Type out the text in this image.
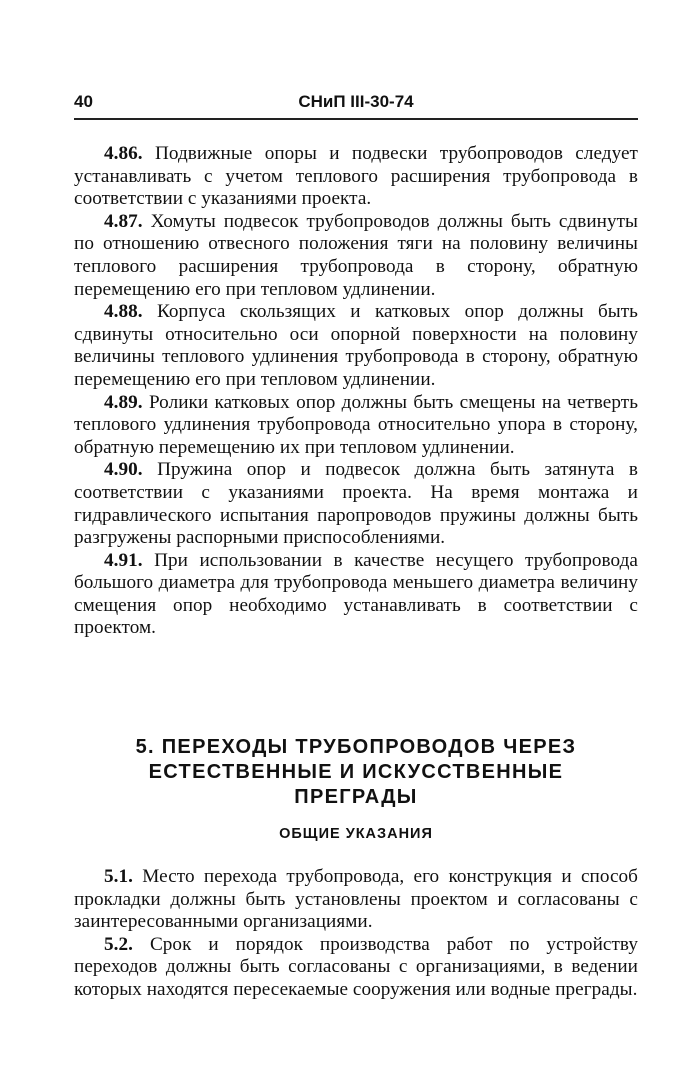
40	СНиП III-30-74

4.86. Подвижные опоры и подвески трубопроводов следует устанавливать с учетом теплового расширения трубопровода в соответствии с указаниями проекта.

4.87. Хомуты подвесок трубопроводов должны быть сдвинуты по отношению отвесного положения тяги на половину величины теплового расширения трубопровода в сторону, обратную перемещению его при тепловом удлинении.

4.88. Корпуса скользящих и катковых опор должны быть сдвинуты относительно оси опорной поверхности на половину величины теплового удлинения трубопровода в сторону, обратную перемещению его при тепловом удлинении.

4.89. Ролики катковых опор должны быть смещены на четверть теплового удлинения трубопровода относительно упора в сторону, обратную перемещению их при тепловом удлинении.

4.90. Пружина опор и подвесок должна быть затянута в соответствии с указаниями проекта. На время монтажа и гидравлического испытания паропроводов пружины должны быть разгружены распорными приспособлениями.

4.91. При использовании в качестве несущего трубопровода большого диаметра для трубопровода меньшего диаметра величину смещения опор необходимо устанавливать в соответствии с проектом.

5. ПЕРЕХОДЫ ТРУБОПРОВОДОВ ЧЕРЕЗ
ЕСТЕСТВЕННЫЕ И ИСКУССТВЕННЫЕ
ПРЕГРАДЫ
ОБЩИЕ УКАЗАНИЯ

5.1. Место перехода трубопровода, его конструкция и способ прокладки должны быть установлены проектом и согласованы с заинтересованными организациями.

5.2. Срок и порядок производства работ по устройству переходов должны быть согласованы с организациями, в ведении которых находятся пересекаемые сооружения или водные преграды.
